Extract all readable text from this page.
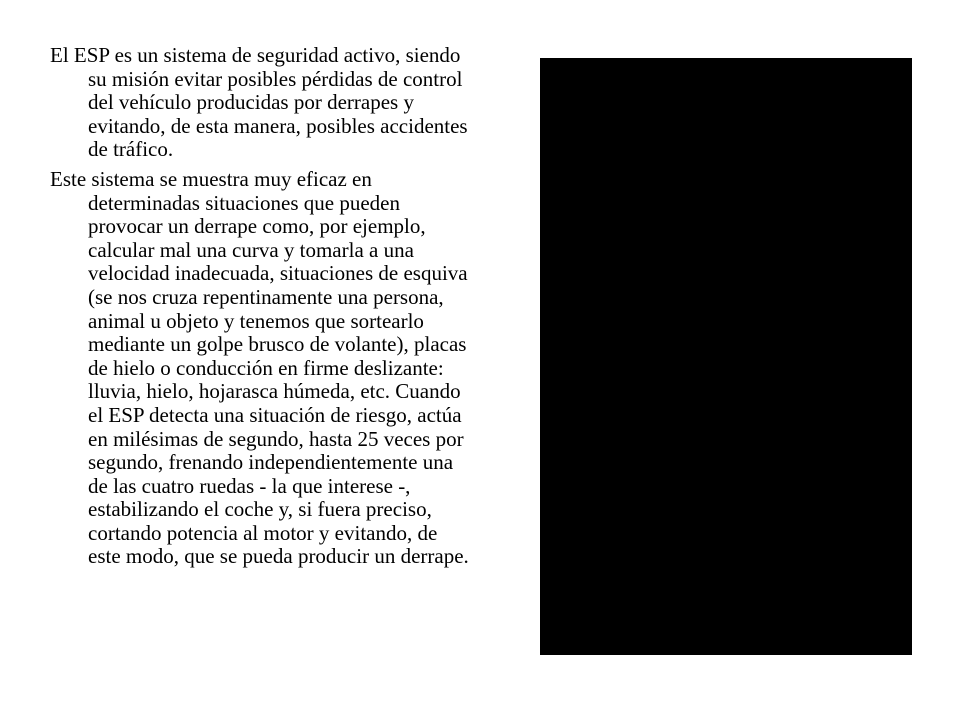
El ESP es un sistema de seguridad activo, siendo su misión evitar posibles pérdidas de control del vehículo producidas por derrapes y evitando, de esta manera, posibles accidentes de tráfico.

Este sistema se muestra muy eficaz en determinadas situaciones que pueden provocar un derrape como, por ejemplo, calcular mal una curva y tomarla a una velocidad inadecuada, situaciones de esquiva (se nos cruza repentinamente una persona, animal u objeto y tenemos que sortearlo mediante un golpe brusco de volante), placas de hielo o conducción en firme deslizante: lluvia, hielo, hojarasca húmeda, etc. Cuando el ESP detecta una situación de riesgo, actúa en milésimas de segundo, hasta 25 veces por segundo, frenando independientemente una de las cuatro ruedas - la que interese -, estabilizando el coche y, si fuera preciso, cortando potencia al motor y evitando, de este modo, que se pueda producir un derrape.
